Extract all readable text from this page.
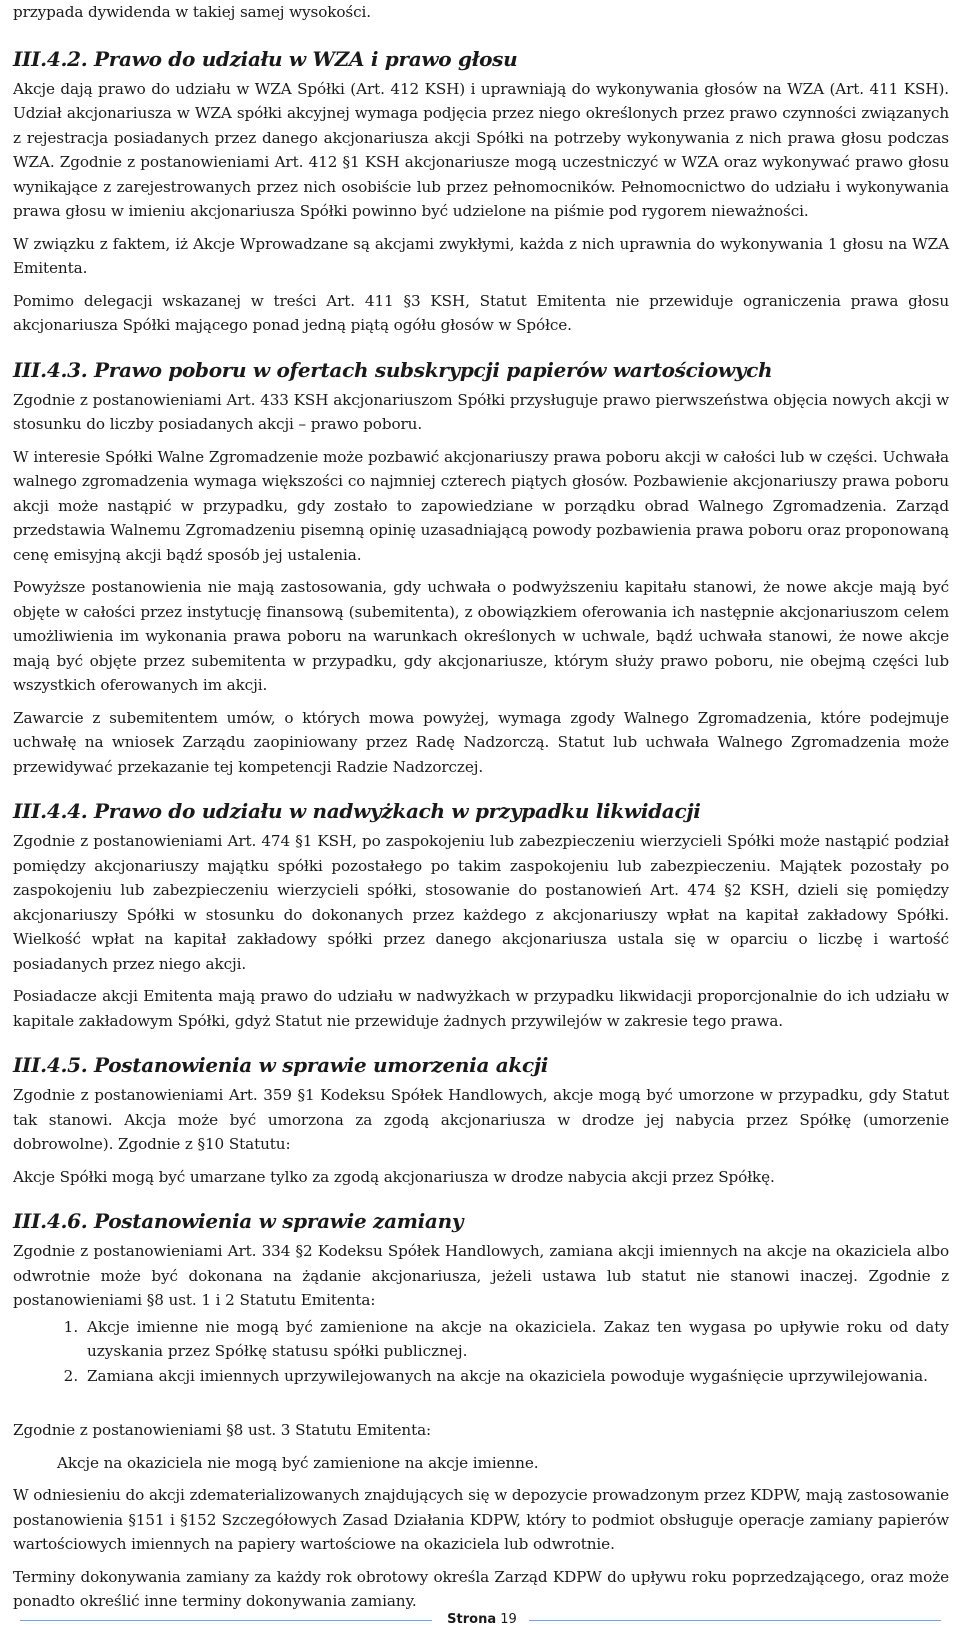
przypada dywidenda w takiej samej wysokości.

III.4.2. Prawo do udziału w WZA i prawo głosu

Akcje dają prawo do udziału w WZA Spółki (Art. 412 KSH) i uprawniają do wykonywania głosów na WZA (Art. 411 KSH). Udział akcjonariusza w WZA spółki akcyjnej wymaga podjęcia przez niego określonych przez prawo czynności związanych z rejestracja posiadanych przez danego akcjonariusza akcji Spółki na potrzeby wykonywania z nich prawa głosu podczas WZA. Zgodnie z postanowieniami Art. 412 §1 KSH akcjonariusze mogą uczestniczyć w WZA oraz wykonywać prawo głosu wynikające z zarejestrowanych przez nich osobiście lub przez pełnomocników. Pełnomocnictwo do udziału i wykonywania prawa głosu w imieniu akcjonariusza Spółki powinno być udzielone na piśmie pod rygorem nieważności.

W związku z faktem, iż Akcje Wprowadzane są akcjami zwykłymi, każda z nich uprawnia do wykonywania 1 głosu na WZA Emitenta.

Pomimo delegacji wskazanej w treści Art. 411 §3 KSH, Statut Emitenta nie przewiduje ograniczenia prawa głosu akcjonariusza Spółki mającego ponad jedną piątą ogółu głosów w Spółce.

III.4.3. Prawo poboru w ofertach subskrypcji papierów wartościowych

Zgodnie z postanowieniami Art. 433 KSH akcjonariuszom Spółki przysługuje prawo pierwszeństwa objęcia nowych akcji w stosunku do liczby posiadanych akcji – prawo poboru.

W interesie Spółki Walne Zgromadzenie może pozbawić akcjonariuszy prawa poboru akcji w całości lub w części. Uchwała walnego zgromadzenia wymaga większości co najmniej czterech piątych głosów. Pozbawienie akcjonariuszy prawa poboru akcji może nastąpić w przypadku, gdy zostało to zapowiedziane w porządku obrad Walnego Zgromadzenia. Zarząd przedstawia Walnemu Zgromadzeniu pisemną opinię uzasadniającą powody pozbawienia prawa poboru oraz proponowaną cenę emisyjną akcji bądź sposób jej ustalenia.

Powyższe postanowienia nie mają zastosowania, gdy uchwała o podwyższeniu kapitału stanowi, że nowe akcje mają być objęte w całości przez instytucję finansową (subemitenta), z obowiązkiem oferowania ich następnie akcjonariuszom celem umożliwienia im wykonania prawa poboru na warunkach określonych w uchwale, bądź uchwała stanowi, że nowe akcje mają być objęte przez subemitenta w przypadku, gdy akcjonariusze, którym służy prawo poboru, nie obejmą części lub wszystkich oferowanych im akcji.

Zawarcie z subemitentem umów, o których mowa powyżej, wymaga zgody Walnego Zgromadzenia, które podejmuje uchwałę na wniosek Zarządu zaopiniowany przez Radę Nadzorczą. Statut lub uchwała Walnego Zgromadzenia może przewidywać przekazanie tej kompetencji Radzie Nadzorczej.

III.4.4. Prawo do udziału w nadwyżkach w przypadku likwidacji

Zgodnie z postanowieniami Art. 474 §1 KSH, po zaspokojeniu lub zabezpieczeniu wierzycieli Spółki może nastąpić podział pomiędzy akcjonariuszy majątku spółki pozostałego po takim zaspokojeniu lub zabezpieczeniu. Majątek pozostały po zaspokojeniu lub zabezpieczeniu wierzycieli spółki, stosowanie do postanowień Art. 474 §2 KSH, dzieli się pomiędzy akcjonariuszy Spółki w stosunku do dokonanych przez każdego z akcjonariuszy wpłat na kapitał zakładowy Spółki. Wielkość wpłat na kapitał zakładowy spółki przez danego akcjonariusza ustala się w oparciu o liczbę i wartość posiadanych przez niego akcji.

Posiadacze akcji Emitenta mają prawo do udziału w nadwyżkach w przypadku likwidacji proporcjonalnie do ich udziału w kapitale zakładowym Spółki, gdyż Statut nie przewiduje żadnych przywilejów w zakresie tego prawa.

III.4.5. Postanowienia w sprawie umorzenia akcji

Zgodnie z postanowieniami Art. 359 §1 Kodeksu Spółek Handlowych, akcje mogą być umorzone w przypadku, gdy Statut tak stanowi. Akcja może być umorzona za zgodą akcjonariusza w drodze jej nabycia przez Spółkę (umorzenie dobrowolne). Zgodnie z §10 Statutu:

Akcje Spółki mogą być umarzane tylko za zgodą akcjonariusza w drodze nabycia akcji przez Spółkę.

III.4.6. Postanowienia w sprawie zamiany

Zgodnie z postanowieniami Art. 334 §2 Kodeksu Spółek Handlowych, zamiana akcji imiennych na akcje na okaziciela albo odwrotnie może być dokonana na żądanie akcjonariusza, jeżeli ustawa lub statut nie stanowi inaczej. Zgodnie z postanowieniami §8 ust. 1 i 2 Statutu Emitenta:

1. Akcje imienne nie mogą być zamienione na akcje na okaziciela. Zakaz ten wygasa po upływie roku od daty uzyskania przez Spółkę statusu spółki publicznej.
2. Zamiana akcji imiennych uprzywilejowanych na akcje na okaziciela powoduje wygaśnięcie uprzywilejowania.

Zgodnie z postanowieniami §8 ust. 3 Statutu Emitenta:

Akcje na okaziciela nie mogą być zamienione na akcje imienne.

W odniesieniu do akcji zdematerializowanych znajdujących się w depozycie prowadzonym przez KDPW, mają zastosowanie postanowienia §151 i §152 Szczegółowych Zasad Działania KDPW, który to podmiot obsługuje operacje zamiany papierów wartościowych imiennych na papiery wartościowe na okaziciela lub odwrotnie.

Terminy dokonywania zamiany za każdy rok obrotowy określa Zarząd KDPW do upływu roku poprzedzającego, oraz może ponadto określić inne terminy dokonywania zamiany.

Strona 19
